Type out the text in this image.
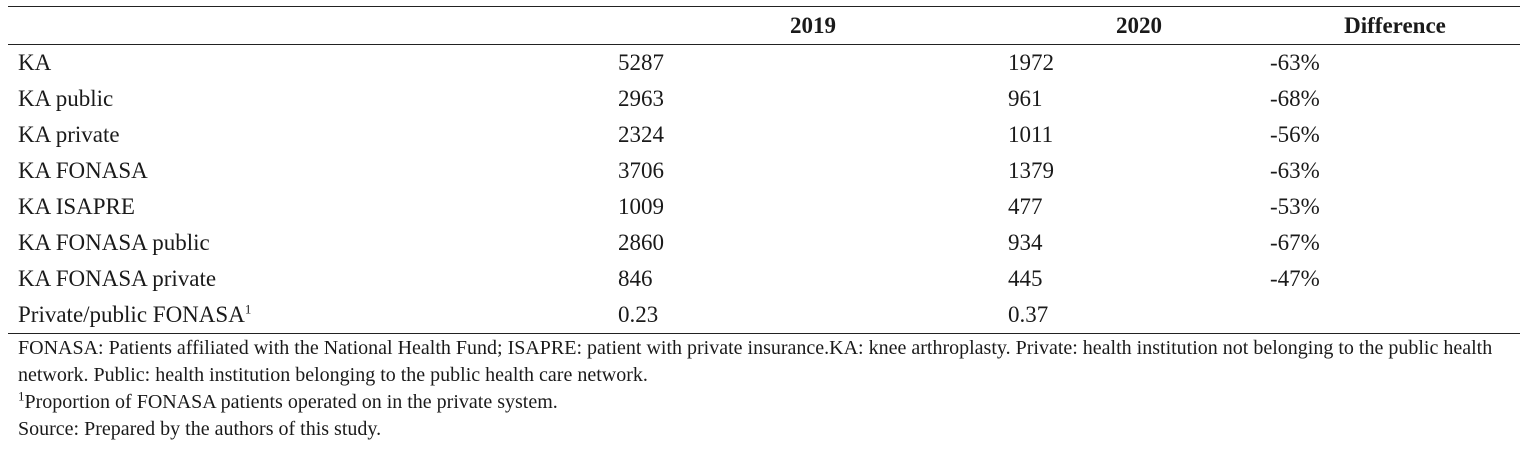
	2019	2020	Difference
KA	5287	1972	-63%
KA public	2963	961	-68%
KA private	2324	1011	-56%
KA FONASA	3706	1379	-63%
KA ISAPRE	1009	477	-53%
KA FONASA public	2860	934	-67%
KA FONASA private	846	445	-47%
Private/public FONASA$^1$	0.23	0.37	

FONASA: Patients affiliated with the National Health Fund; ISAPRE: patient with private insurance.KA: knee arthroplasty. Private: health institution not belonging to the public health network. Public: health institution belonging to the public health care network.

$^1$Proportion of FONASA patients operated on in the private system.

Source: Prepared by the authors of this study.
